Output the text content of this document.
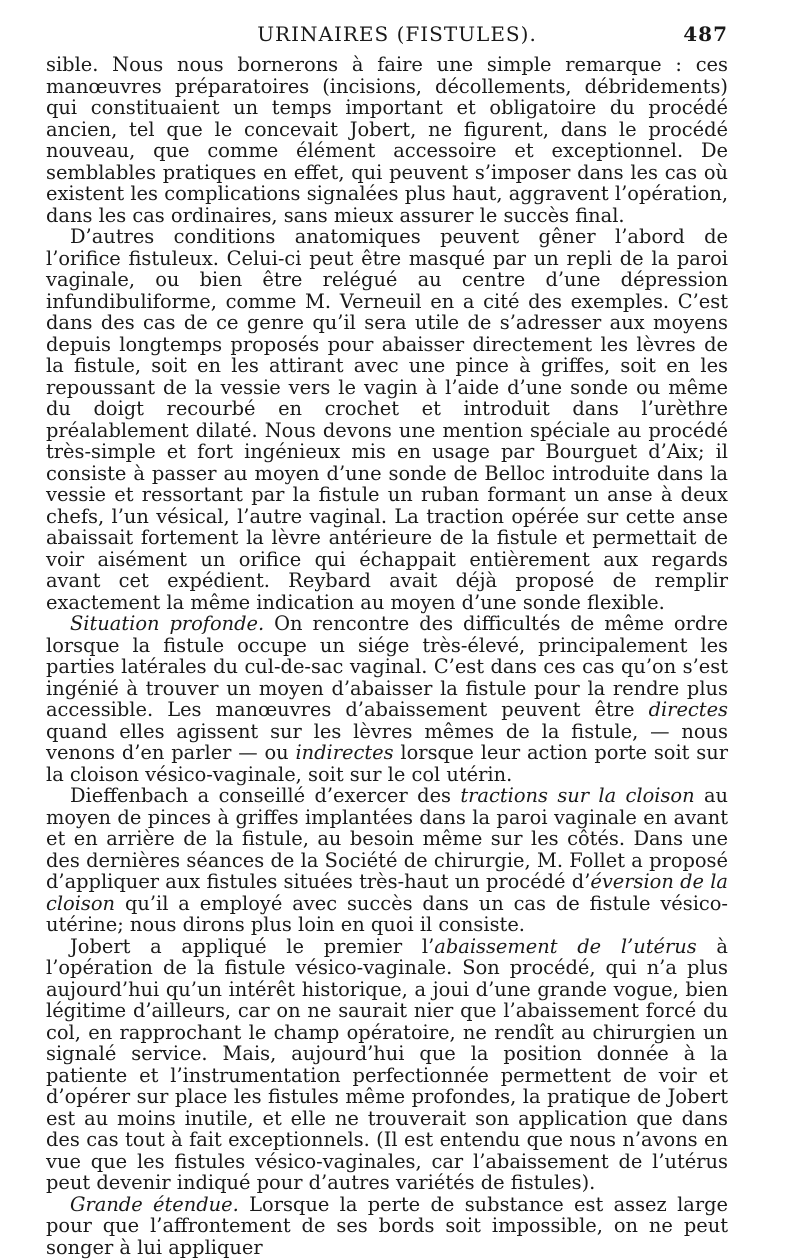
URINAIRES (FISTULES).	487

sible. Nous nous bornerons à faire une simple remarque : ces manœuvres préparatoires (incisions, décollements, débridements) qui constituaient un temps important et obligatoire du procédé ancien, tel que le concevait Jobert, ne figurent, dans le procédé nouveau, que comme élément accessoire et exceptionnel. De semblables pratiques en effet, qui peuvent s’imposer dans les cas où existent les complications signalées plus haut, aggravent l’opération, dans les cas ordinaires, sans mieux assurer le succès final.

D’autres conditions anatomiques peuvent gêner l’abord de l’orifice fistuleux. Celui-ci peut être masqué par un repli de la paroi vaginale, ou bien être relégué au centre d’une dépression infundibuliforme, comme M. Verneuil en a cité des exemples. C’est dans des cas de ce genre qu’il sera utile de s’adresser aux moyens depuis longtemps proposés pour abaisser directement les lèvres de la fistule, soit en les attirant avec une pince à griffes, soit en les repoussant de la vessie vers le vagin à l’aide d’une sonde ou même du doigt recourbé en crochet et introduit dans l’urèthre préalablement dilaté. Nous devons une mention spéciale au procédé très-simple et fort ingénieux mis en usage par Bourguet d’Aix; il consiste à passer au moyen d’une sonde de Belloc introduite dans la vessie et ressortant par la fistule un ruban formant un anse à deux chefs, l’un vésical, l’autre vaginal. La traction opérée sur cette anse abaissait fortement la lèvre antérieure de la fistule et permettait de voir aisément un orifice qui échappait entièrement aux regards avant cet expédient. Reybard avait déjà proposé de remplir exactement la même indication au moyen d’une sonde flexible.

Situation profonde. On rencontre des difficultés de même ordre lorsque la fistule occupe un siége très-élevé, principalement les parties latérales du cul-de-sac vaginal. C’est dans ces cas qu’on s’est ingénié à trouver un moyen d’abaisser la fistule pour la rendre plus accessible. Les manœuvres d’abaissement peuvent être directes quand elles agissent sur les lèvres mêmes de la fistule, — nous venons d’en parler — ou indirectes lorsque leur action porte soit sur la cloison vésico-vaginale, soit sur le col utérin.

Dieffenbach a conseillé d’exercer des tractions sur la cloison au moyen de pinces à griffes implantées dans la paroi vaginale en avant et en arrière de la fistule, au besoin même sur les côtés. Dans une des dernières séances de la Société de chirurgie, M. Follet a proposé d’appliquer aux fistules situées très-haut un procédé d’éversion de la cloison qu’il a employé avec succès dans un cas de fistule vésico-utérine; nous dirons plus loin en quoi il consiste.

Jobert a appliqué le premier l’abaissement de l’utérus à l’opération de la fistule vésico-vaginale. Son procédé, qui n’a plus aujourd’hui qu’un intérêt historique, a joui d’une grande vogue, bien légitime d’ailleurs, car on ne saurait nier que l’abaissement forcé du col, en rapprochant le champ opératoire, ne rendît au chirurgien un signalé service. Mais, aujourd’hui que la position donnée à la patiente et l’instrumentation perfectionnée permettent de voir et d’opérer sur place les fistules même profondes, la pratique de Jobert est au moins inutile, et elle ne trouverait son application que dans des cas tout à fait exceptionnels. (Il est entendu que nous n’avons en vue que les fistules vésico-vaginales, car l’abaissement de l’utérus peut devenir indiqué pour d’autres variétés de fistules).

Grande étendue. Lorsque la perte de substance est assez large pour que l’affrontement de ses bords soit impossible, on ne peut songer à lui appliquer
